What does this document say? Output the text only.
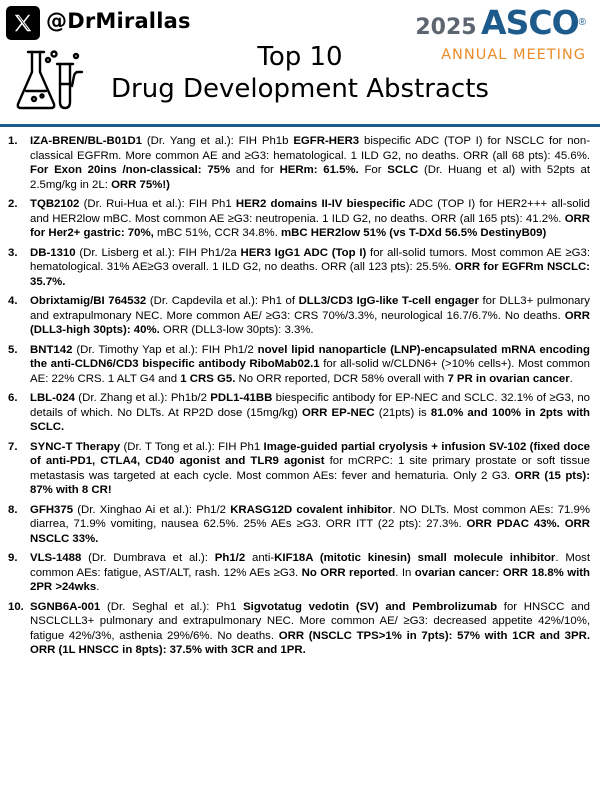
@DrMirallas
Top 10
Drug Development Abstracts
2025 ASCO®
ANNUAL MEETING
1. IZA-BREN/BL-B01D1 (Dr. Yang et al.): FIH Ph1b EGFR-HER3 bispecific ADC (TOP I) for NSCLC for non-classical EGFRm. More common AE and ≥G3: hematological. 1 ILD G2, no deaths. ORR (all 68 pts): 45.6%. For Exon 20ins /non-classical: 75% and for HERm: 61.5%. For SCLC (Dr. Huang et al) with 52pts at 2.5mg/kg in 2L: ORR 75%!)
2. TQB2102 (Dr. Rui-Hua et al.): FIH Ph1 HER2 domains II-IV biespecific ADC (TOP I) for HER2+++ all-solid and HER2low mBC. Most common AE ≥G3: neutropenia. 1 ILD G2, no deaths. ORR (all 165 pts): 41.2%. ORR for Her2+ gastric: 70%, mBC 51%, CCR 34.8%. mBC HER2low 51% (vs T-DXd 56.5% DestinyB09)
3. DB-1310 (Dr. Lisberg et al.): FIH Ph1/2a HER3 IgG1 ADC (Top I) for all-solid tumors. Most common AE ≥G3: hematological. 31% AE≥G3 overall. 1 ILD G2, no deaths. ORR (all 123 pts): 25.5%. ORR for EGFRm NSCLC: 35.7%.
4. Obrixtamig/BI 764532 (Dr. Capdevila et al.): Ph1 of DLL3/CD3 IgG-like T-cell engager for DLL3+ pulmonary and extrapulmonary NEC. More common AE/ ≥G3: CRS 70%/3.3%, neurological 16.7/6.7%. No deaths. ORR (DLL3-high 30pts): 40%. ORR (DLL3-low 30pts): 3.3%.
5. BNT142 (Dr. Timothy Yap et al.): FIH Ph1/2 novel lipid nanoparticle (LNP)-encapsulated mRNA encoding the anti-CLDN6/CD3 bispecific antibody RiboMab02.1 for all-solid w/CLDN6+ (>10% cells+). Most common AE: 22% CRS. 1 ALT G4 and 1 CRS G5. No ORR reported, DCR 58% overall with 7 PR in ovarian cancer.
6. LBL-024 (Dr. Zhang et al.): Ph1b/2 PDL1-41BB biespecific antibody for EP-NEC and SCLC. 32.1% of ≥G3, no details of which. No DLTs. At RP2D dose (15mg/kg) ORR EP-NEC (21pts) is 81.0% and 100% in 2pts with SCLC.
7. SYNC-T Therapy (Dr. T Tong et al.): FIH Ph1 Image-guided partial cryolysis + infusion SV-102 (fixed doce of anti-PD1, CTLA4, CD40 agonist and TLR9 agonist for mCRPC: 1 site primary prostate or soft tissue metastasis was targeted at each cycle. Most common AEs: fever and hematuria. Only 2 G3. ORR (15 pts): 87% with 8 CR!
8. GFH375 (Dr. Xinghao Ai et al.): Ph1/2 KRASG12D covalent inhibitor. NO DLTs. Most common AEs: 71.9% diarrea, 71.9% vomiting, nausea 62.5%. 25% AEs ≥G3. ORR ITT (22 pts): 27.3%. ORR PDAC 43%. ORR NSCLC 33%.
9. VLS-1488 (Dr. Dumbrava et al.): Ph1/2 anti-KIF18A (mitotic kinesin) small molecule inhibitor. Most common AEs: fatigue, AST/ALT, rash. 12% AEs ≥G3. No ORR reported. In ovarian cancer: ORR 18.8% with 2PR >24wks.
10. SGNB6A-001 (Dr. Seghal et al.): Ph1 Sigvotatug vedotin (SV) and Pembrolizumab for HNSCC and NSCLCLL3+ pulmonary and extrapulmonary NEC. More common AE/ ≥G3: decreased appetite 42%/10%, fatigue 42%/3%, asthenia 29%/6%. No deaths. ORR (NSCLC TPS>1% in 7pts): 57% with 1CR and 3PR. ORR (1L HNSCC in 8pts): 37.5% with 3CR and 1PR.
